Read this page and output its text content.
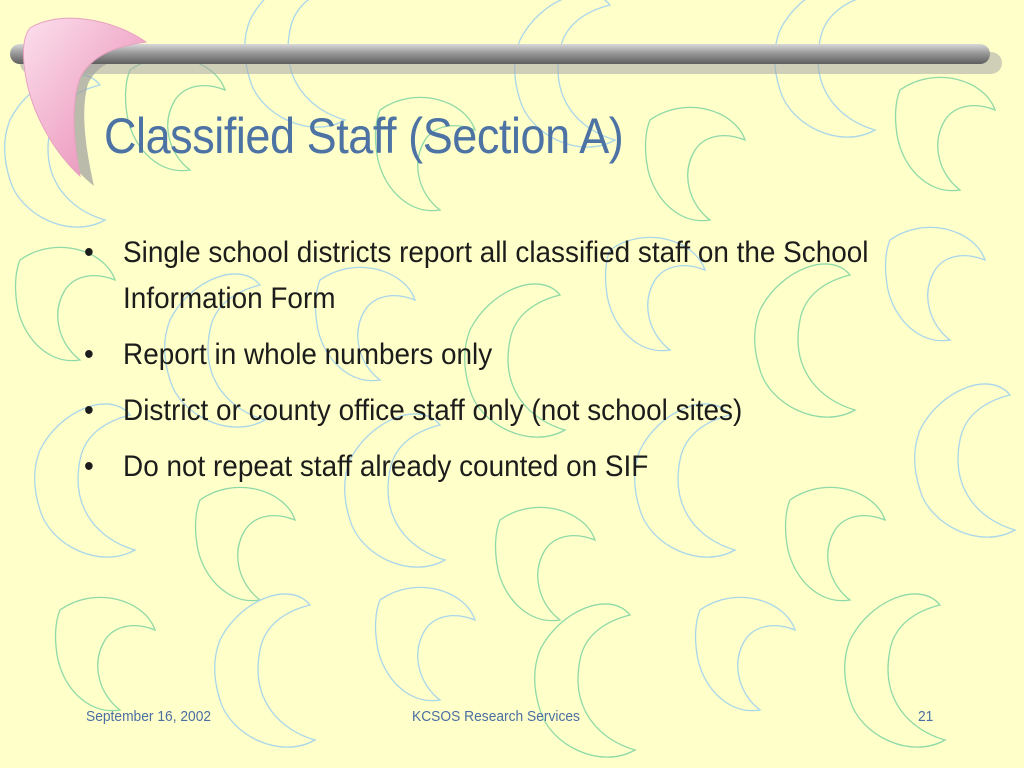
Classified Staff (Section A)
• Single school districts report all classified staff on the School Information Form
• Report in whole numbers only
• District or county office staff only (not school sites)
• Do not repeat staff already counted on SIF
September 16, 2002	KCSOS Research Services	21
